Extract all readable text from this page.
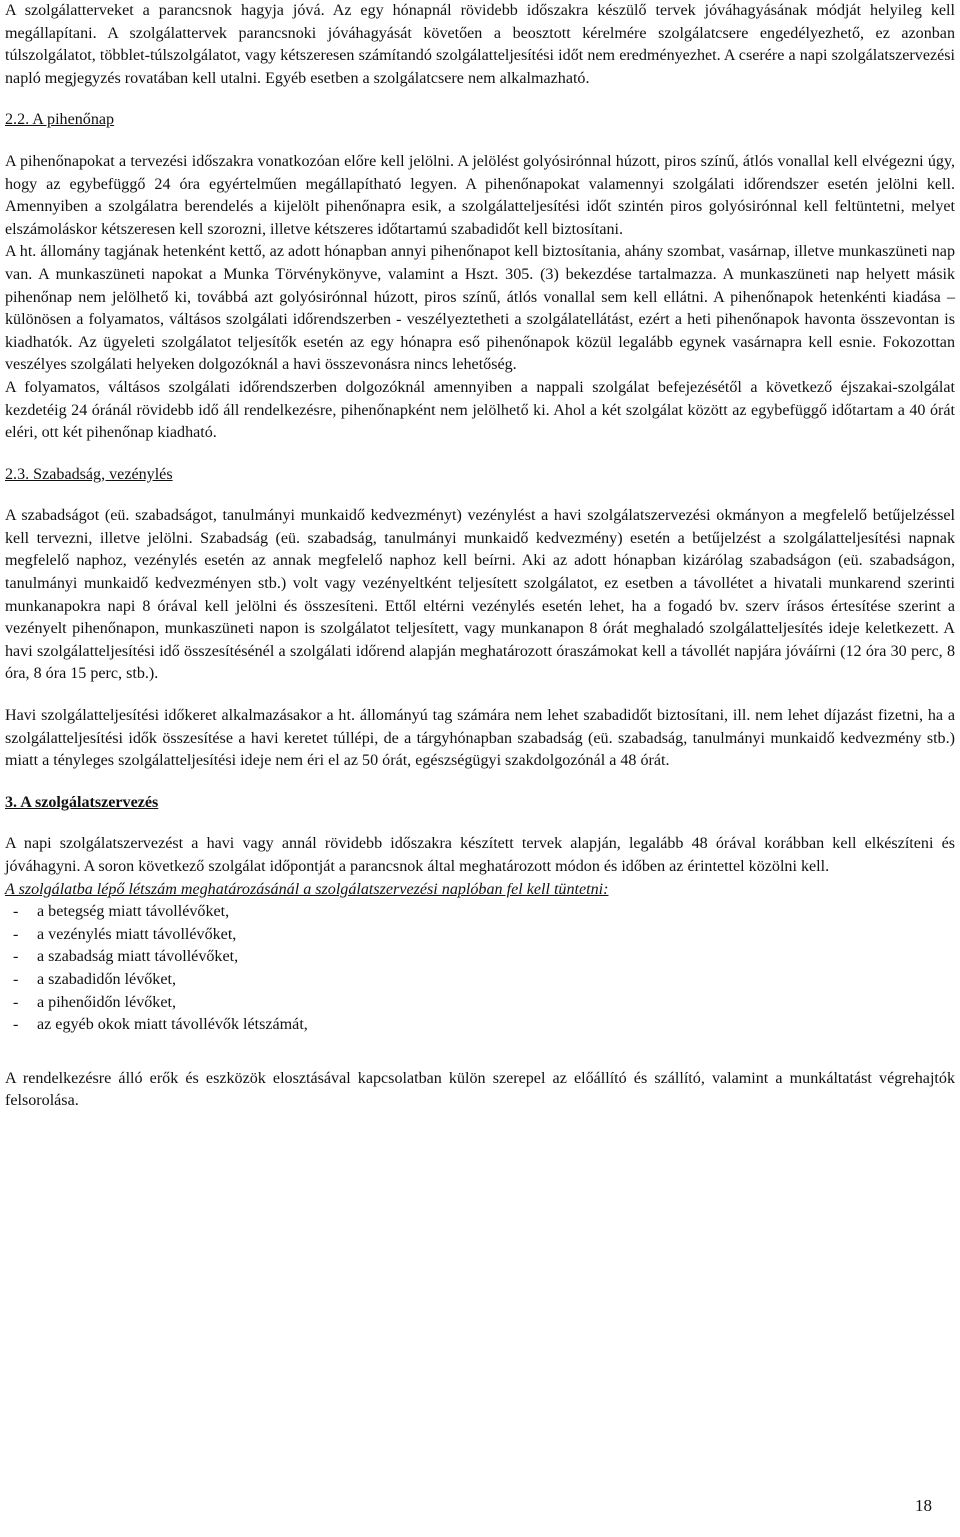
A szolgálatterveket a parancsnok hagyja jóvá. Az egy hónapnál rövidebb időszakra készülő tervek jóváhagyásának módját helyileg kell megállapítani. A szolgálattervek parancsnoki jóváhagyását követően a beosztott kérelmére szolgálatcsere engedélyezhető, ez azonban túlszolgálatot, többlet-túlszolgálatot, vagy kétszeresen számítandó szolgálatteljesítési időt nem eredményezhet. A cserére a napi szolgálatszervezési napló megjegyzés rovatában kell utalni. Egyéb esetben a szolgálatcsere nem alkalmazható.

2.2. A pihenőnap

A pihenőnapokat a tervezési időszakra vonatkozóan előre kell jelölni. A jelölést golyósirónnal húzott, piros színű, átlós vonallal kell elvégezni úgy, hogy az egybefüggő 24 óra egyértelműen megállapítható legyen. A pihenőnapokat valamennyi szolgálati időrendszer esetén jelölni kell. Amennyiben a szolgálatra berendelés a kijelölt pihenőnapra esik, a szolgálatteljesítési időt szintén piros golyósirónnal kell feltüntetni, melyet elszámoláskor kétszeresen kell szorozni, illetve kétszeres időtartamú szabadidőt kell biztosítani.

A ht. állomány tagjának hetenként kettő, az adott hónapban annyi pihenőnapot kell biztosítania, ahány szombat, vasárnap, illetve munkaszüneti nap van. A munkaszüneti napokat a Munka Törvénykönyve, valamint a Hszt. 305. (3) bekezdése tartalmazza. A munkaszüneti nap helyett másik pihenőnap nem jelölhető ki, továbbá azt golyósirónnal húzott, piros színű, átlós vonallal sem kell ellátni. A pihenőnapok hetenkénti kiadása – különösen a folyamatos, váltásos szolgálati időrendszerben - veszélyeztetheti a szolgálatellátást, ezért a heti pihenőnapok havonta összevontan is kiadhatók. Az ügyeleti szolgálatot teljesítők esetén az egy hónapra eső pihenőnapok közül legalább egynek vasárnapra kell esnie. Fokozottan veszélyes szolgálati helyeken dolgozóknál a havi összevonásra nincs lehetőség.

A folyamatos, váltásos szolgálati időrendszerben dolgozóknál amennyiben a nappali szolgálat befejezésétől a következő éjszakai-szolgálat kezdetéig 24 óránál rövidebb idő áll rendelkezésre, pihenőnapként nem jelölhető ki. Ahol a két szolgálat között az egybefüggő időtartam a 40 órát eléri, ott két pihenőnap kiadható.

2.3. Szabadság, vezénylés

A szabadságot (eü. szabadságot, tanulmányi munkaidő kedvezményt) vezénylést a havi szolgálatszervezési okmányon a megfelelő betűjelzéssel kell tervezni, illetve jelölni. Szabadság (eü. szabadság, tanulmányi munkaidő kedvezmény) esetén a betűjelzést a szolgálatteljesítési napnak megfelelő naphoz, vezénylés esetén az annak megfelelő naphoz kell beírni. Aki az adott hónapban kizárólag szabadságon (eü. szabadságon, tanulmányi munkaidő kedvezményen stb.) volt vagy vezényeltként teljesített szolgálatot, ez esetben a távollétet a hivatali munkarend szerinti munkanapokra napi 8 órával kell jelölni és összesíteni. Ettől eltérni vezénylés esetén lehet, ha a fogadó bv. szerv írásos értesítése szerint a vezényelt pihenőnapon, munkaszüneti napon is szolgálatot teljesített, vagy munkanapon 8 órát meghaladó szolgálatteljesítés ideje keletkezett. A havi szolgálatteljesítési idő összesítésénél a szolgálati időrend alapján meghatározott óraszámokat kell a távollét napjára jóváírni (12 óra 30 perc, 8 óra, 8 óra 15 perc, stb.).

Havi szolgálatteljesítési időkeret alkalmazásakor a ht. állományú tag számára nem lehet szabadidőt biztosítani, ill. nem lehet díjazást fizetni, ha a szolgálatteljesítési idők összesítése a havi keretet túllépi, de a tárgyhónapban szabadság (eü. szabadság, tanulmányi munkaidő kedvezmény stb.) miatt a tényleges szolgálatteljesítési ideje nem éri el az 50 órát, egészségügyi szakdolgozónál a 48 órát.

3. A szolgálatszervezés

A napi szolgálatszervezést a havi vagy annál rövidebb időszakra készített tervek alapján, legalább 48 órával korábban kell elkészíteni és jóváhagyni. A soron következő szolgálat időpontját a parancsnok által meghatározott módon és időben az érintettel közölni kell.

A szolgálatba lépő létszám meghatározásánál a szolgálatszervezési naplóban fel kell tüntetni:

- a betegség miatt távollévőket,
- a vezénylés miatt távollévőket,
- a szabadság miatt távollévőket,
- a szabadidőn lévőket,
- a pihenőidőn lévőket,
- az egyéb okok miatt távollévők létszámát,

A rendelkezésre álló erők és eszközök elosztásával kapcsolatban külön szerepel az előállító és szállító, valamint a munkáltatást végrehajtók felsorolása.

18
